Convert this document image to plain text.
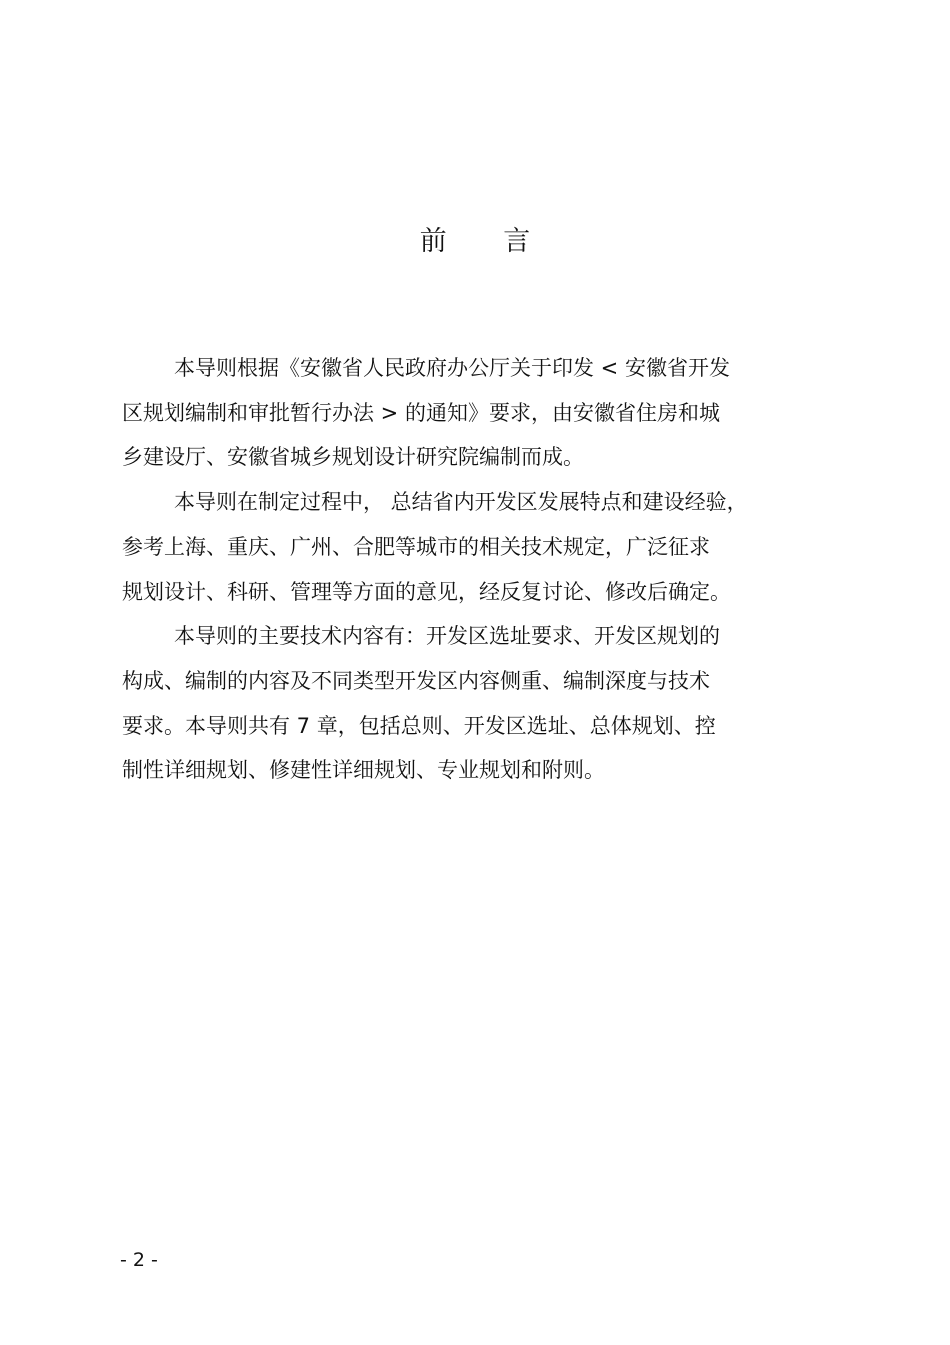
前 言

本导则根据《安徽省人民政府办公厅关于印发 < 安徽省开发

区规划编制和审批暂行办法 > 的通知》要求，由安徽省住房和城

乡建设厅、安徽省城乡规划设计研究院编制而成。

本导则在制定过程中， 总结省内开发区发展特点和建设经验，

参考上海、重庆、广州、合肥等城市的相关技术规定，广泛征求

规划设计、科研、管理等方面的意见，经反复讨论、修改后确定。

本导则的主要技术内容有：开发区选址要求、开发区规划的

构成、编制的内容及不同类型开发区内容侧重、编制深度与技术

要求。本导则共有 7 章，包括总则、开发区选址、总体规划、控

制性详细规划、修建性详细规划、专业规划和附则。

- 2 -
